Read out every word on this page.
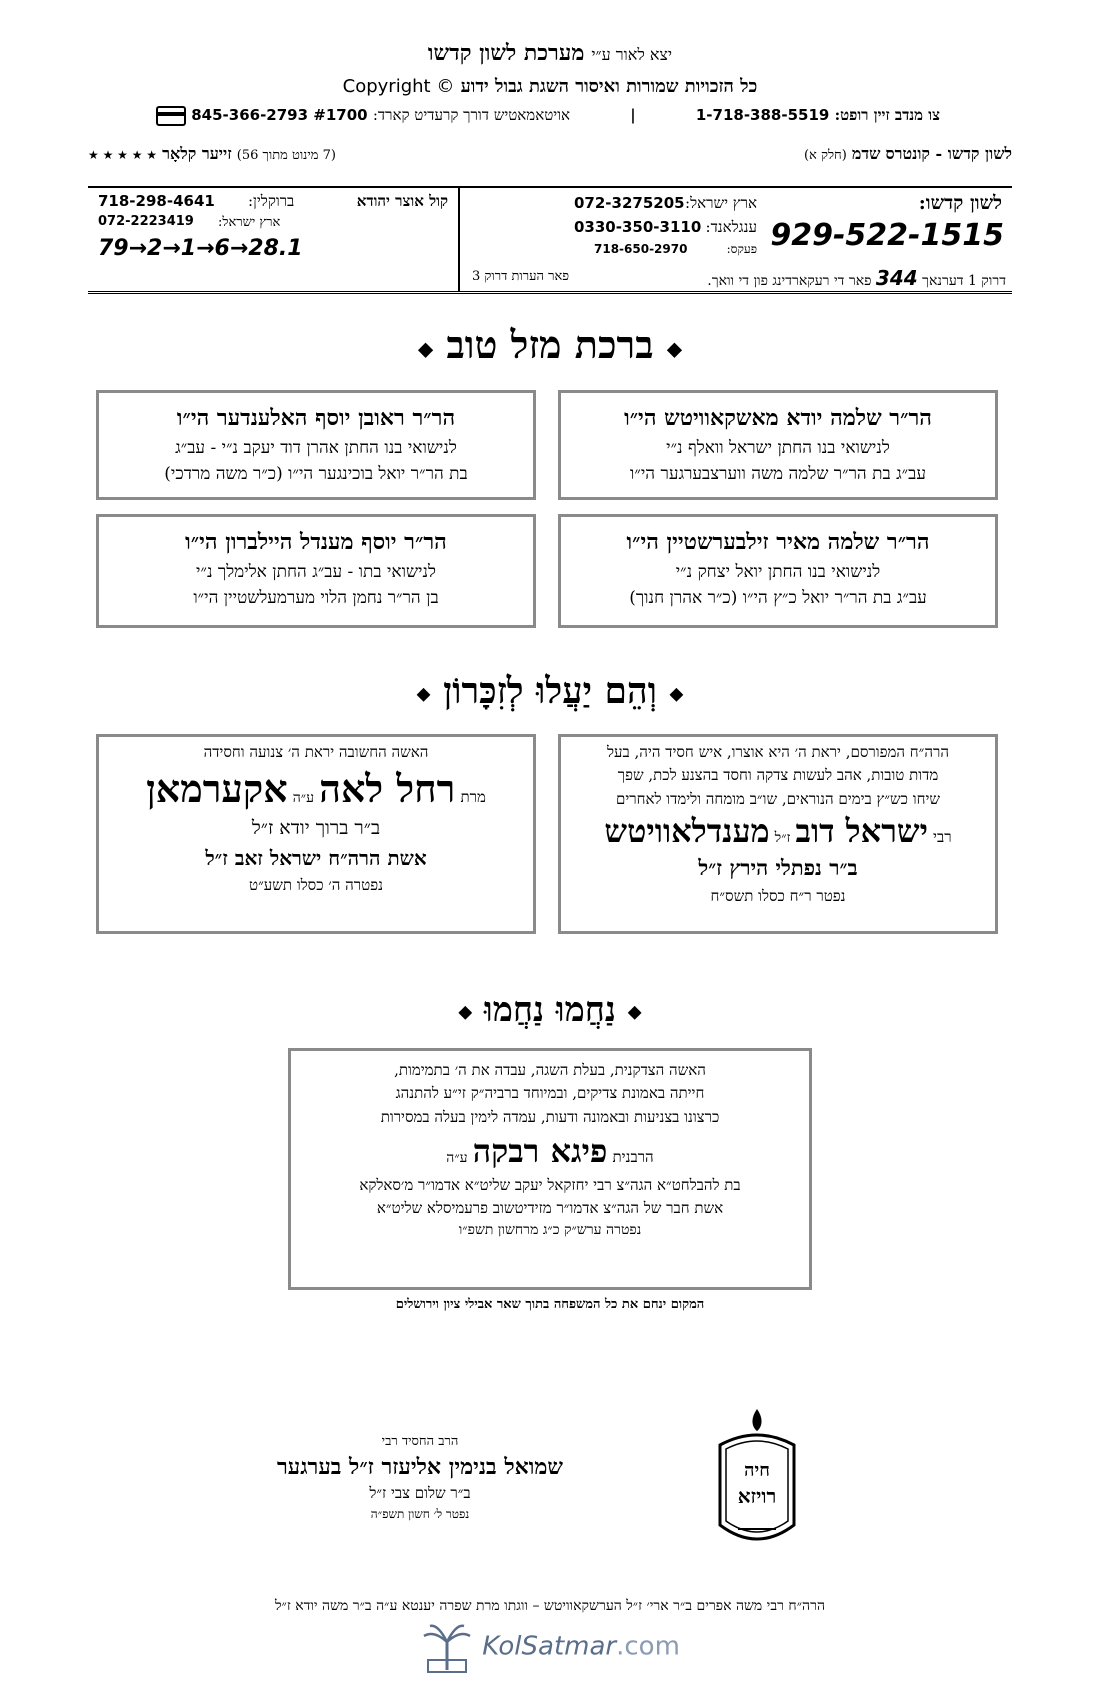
יצא לאור ע״י מערכת לשון קדשו
כל הזכויות שמורות ואיסור השגת גבול ידוע Copyright ©
צו מנדב זיין רופט: 1-718-388-5519
|
אויטאמאטיש דורך קרעדיט קארד: 845-366-2793 #1700
לשון קדשו - קונטרס שדמ (חלק א)
(7 מינוט מתוך 56) זייער קלאָר ★ ★ ★ ★ ★
לשון קדשו:
929-522-1515
ארץ ישראל:
072-3275205
ענגלאנד:
0330-350-3110
פעקס:
718-650-2970
דרוק 1 דערנאך 344 פאר די רעקארדינג פון די וואך.
פאר הערות דרוק 3
קול אוצר יהודא
ברוקלין:
718-298-4641
ארץ ישראל:
072-2223419
79→2→1→6→28.1
◆ ברכת מזל טוב ◆
הר״ר שלמה יודא מאשקאוויטש הי״ו
לנישואי בנו החתן ישראל וואלף נ״י
עב״ג בת הר״ר שלמה משה ווערצבערגער הי״ו
הר״ר ראובן יוסף האלענדער הי״ו
לנישואי בנו החתן אהרן דוד יעקב נ״י - עב״ג
בת הר״ר יואל בוכינגער הי״ו (כ״ר משה מרדכי)
הר״ר שלמה מאיר זילבערשטיין הי״ו
לנישואי בנו החתן יואל יצחק נ״י
עב״ג בת הר״ר יואל כ״ץ הי״ו (כ״ר אהרן חנוך)
הר״ר יוסף מענדל היילברון הי״ו
לנישואי בתו - עב״ג החתן אלימלך נ״י
בן הר״ר נחמן הלוי מערמעלשטיין הי״ו
◆ וְהֵם יַעֲלוּ לְזִכָּרוֹן ◆
הרה״ח המפורסם, יראת ה׳ היא אוצרו, איש חסיד היה, בעל
מדות טובות, אהב לעשות צדקה וחסד בהצנע לכת, שפך
שיחו כש״ץ בימים הנוראים, שו״ב מומחה ולימדו לאחרים
רבי ישראל דוב ז״ל מענדלאוויטש
ב״ר נפתלי הירץ ז״ל
נפטר ר״ח כסלו תשס״ח
האשה החשובה יראת ה׳ צנועה וחסידה
מרת רחל לאה ע״ה אקערמאן
ב״ר ברוך יודא ז״ל
אשת הרה״ח ישראל זאב ז״ל
נפטרה ה׳ כסלו תשע״ט
◆ נַחֲמוּ נַחֲמוּ ◆
האשה הצדקנית, בעלת השגה, עבדה את ה׳ בתמימות,
חייתה באמונת צדיקים, ובמיוחד ברביה״ק זי״ע להתנהג
כרצונו בצניעות ובאמונה ודעות, עמדה לימין בעלה במסירות
הרבנית פיגא רבקה ע״ה
בת להבלחט״א הגה״צ רבי יחזקאל יעקב שליט״א אדמו״ר מ׳סאלקא
אשת חבר של הגה״צ אדמו״ר מזידיטשוב פרעמיסלא שליט״א
נפטרה ערש״ק כ״ג מרחשון תשפ״ו
המקום ינחם את כל המשפחה בתוך שאר אבילי ציון וירושלים
הרב החסיד רבי
שמואל בנימין אליעזר ז״ל בערגער
ב״ר שלום צבי ז״ל
נפטר ל׳ חשון תשפ״ה
חיה
רויזא
הרה״ח רבי משה אפרים ב״ר ארי׳ ז״ל הערשקאוויטש – ווגתו מרת שפרה יענטא ע״ה ב״ר משה יודא ז״ל
KolSatmar.com
